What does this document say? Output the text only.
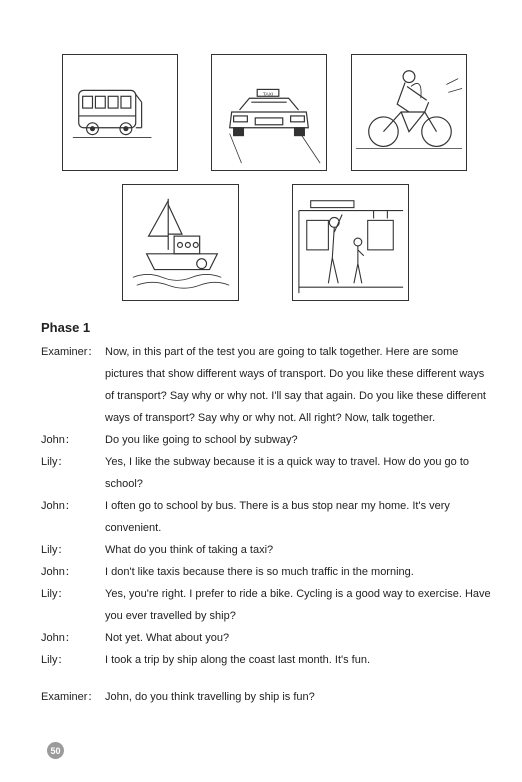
TAXI
Phase 1
Examiner： Now, in this part of the test you are going to talk together. Here are some pictures that show different ways of transport. Do you like these different ways of transport? Say why or why not. I'll say that again. Do you like these different ways of transport? Say why or why not. All right? Now, talk together.
John：	Do you like going to school by subway?
Lily：	Yes, I like the subway because it is a quick way to travel. How do you go to school?
John：	I often go to school by bus. There is a bus stop near my home. It's very convenient.
Lily：	What do you think of taking a taxi?
John：	I don't like taxis because there is so much traffic in the morning.
Lily：	Yes, you're right. I prefer to ride a bike. Cycling is a good way to exercise. Have you ever travelled by ship?
John：	Not yet. What about you?
Lily：	I took a trip by ship along the coast last month. It's fun.
Examiner： John, do you think travelling by ship is fun?
50
